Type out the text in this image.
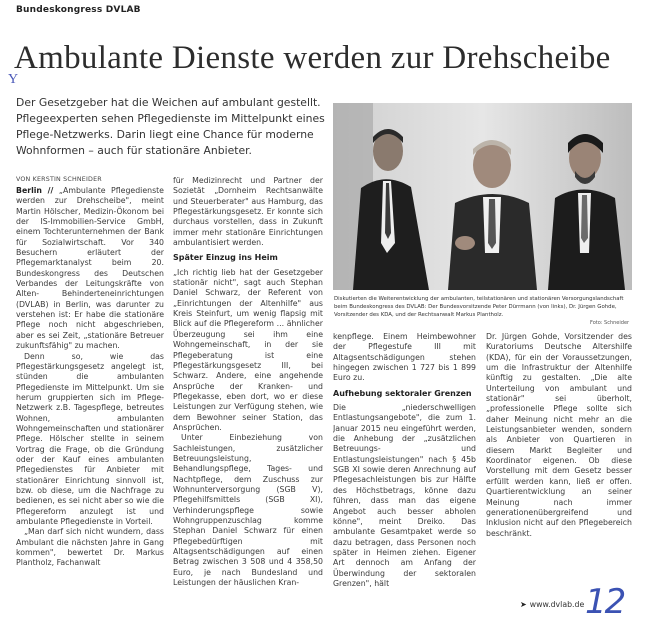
Bundeskongress DVLAB
Ambulante Dienste werden zur Drehscheibe
Y

Der Gesetzgeber hat die Weichen auf ambulant gestellt. Pflegeexperten sehen Pflegedienste im Mittelpunkt eines Pflege-Netzwerks. Darin liegt eine Chance für moderne Wohnformen – auch für stationäre Anbieter.

VON KERSTIN SCHNEIDER

Berlin // „Ambulante Pflegedienste werden zur Drehscheibe", meint Martin Hölscher, Medizin-Ökonom bei der IS-Immobilien-Service GmbH, einem Tochterunternehmen der Bank für Sozialwirtschaft. Vor 340 Besuchern erläutert der Pflegemarktanalyst beim 20. Bundeskongress des Deutschen Verbandes der Leitungskräfte von Alten- Behinderteneinrichtungen (DVLAB) in Berlin, was darunter zu verstehen ist: Er habe die stationäre Pflege noch nicht abgeschrieben, aber es sei Zeit, „stationäre Betreuer zukunftsfähig" zu machen.

Denn so, wie das Pflegestärkungsgesetz angelegt ist, stünden die ambulanten Pflegedienste im Mittelpunkt. Um sie herum gruppierten sich im Pflege-Netzwerk z.B. Tagespflege, betreutes Wohnen, ambulanten Wohngemeinschaften und stationärer Pflege. Hölscher stellte in seinem Vortrag die Frage, ob die Gründung oder der Kauf eines ambulanten Pflegedienstes für Anbieter mit stationärer Einrichtung sinnvoll ist, bzw. ob diese, um die Nachfrage zu bedienen, es sei nicht aber so wie die Pflegereform anzulegt ist und ambulante Pflegedienste in Vorteil.

„Man darf sich nicht wundern, dass Ambulant die nächsten Jahre in Gang kommen", bewertet Dr. Markus Plantholz, Fachanwalt

für Medizinrecht und Partner der Sozietät „Dornheim Rechtsanwälte und Steuerberater" aus Hamburg, das Pflegestärkungsgesetz. Er konnte sich durchaus vorstellen, dass in Zukunft immer mehr stationäre Einrichtungen ambulantisiert werden.

Später Einzug ins Heim

„Ich richtig lieb hat der Gesetzgeber stationär nicht", sagt auch Stephan Daniel Schwarz, der Referent von „Einrichtungen der Altenhilfe" aus Kreis Steinfurt, um wenig flapsig mit Blick auf die Pflegereform ... ähnlicher Überzeugung sei ihm eine Wohngemeinschaft, in der sie Pflegeberatung ist eine Pflegestärkungsgesetz III, bei Schwarz. Andere, eine angehende Ansprüche der Kranken- und Pflegekasse, eben dort, wo er diese Leistungen zur Verfügung stehen, wie dem Bewohner seiner Station, das Ansprüchen.

Unter Einbeziehung von Sachleistungen, zusätzlicher Betreuungsleistung, Behandlungspflege, Tages- und Nachtpflege, dem Zuschuss zur Wohnunterversorgung (SGB V), Pflegehilfsmittels (SGB XI), Verhinderungspflege sowie Wohngruppenzuschlag komme Stephan Daniel Schwarz für einen Pflegebedürftigen mit Altagsentschädigungen auf einen Betrag zwischen 3 508 und 4 358,50 Euro, je nach Bundesland und Leistungen der häuslichen Kran-

Diskutierten die Weiterentwicklung der ambulanten, teilstationären und stationären Versorgungslandschaft beim Bundeskongress des DVLAB: Der Bundesvorsitzende Peter Dürrmann (von links), Dr. Jürgen Gohde, Vorsitzender des KDA, und der Rechtsanwalt Markus Plantholz.

Foto: Schneider

kenpflege. Einem Heimbewohner der Pflegestufe III mit Altagsentschädigungen stehen hingegen zwischen 1 727 bis 1 899 Euro zu.

Aufhebung sektoraler Grenzen

Die „niederschwelligen Entlastungsangebote", die zum 1. Januar 2015 neu eingeführt werden, die Anhebung der „zusätzlichen Betreuungs- und Entlastungsleistungen" nach § 45b SGB XI sowie deren Anrechnung auf Pflegesachleistungen bis zur Hälfte des Höchstbetrags, könne dazu führen, dass man das eigene Angebot auch besser abholen könne", meint Dreiko. Das ambulante Gesamtpaket werde so dazu betragen, dass Personen noch später in Heimen ziehen. Eigener Art dennoch am Anfang der Überwindung der sektoralen Grenzen", hält

Dr. Jürgen Gohde, Vorsitzender des Kuratoriums Deutsche Altershilfe (KDA), für ein der Voraussetzungen, um die Infrastruktur der Altenhilfe künftig zu gestalten. „Die alte Unterteilung von ambulant und stationär" sei überholt, „professionelle Pflege sollte sich daher Meinung nicht mehr an die Leistungsanbieter wenden, sondern als Anbieter von Quartieren in diesem Markt Begleiter und Koordinator eigenen. Ob diese Vorstellung mit dem Gesetz besser erfüllt werden kann, ließ er offen. Quartierentwicklung an seiner Meinung nach immer generationenübergreifend und Inklusion nicht auf den Pflegebereich beschränkt.

➤ www.dvlab.de 12
